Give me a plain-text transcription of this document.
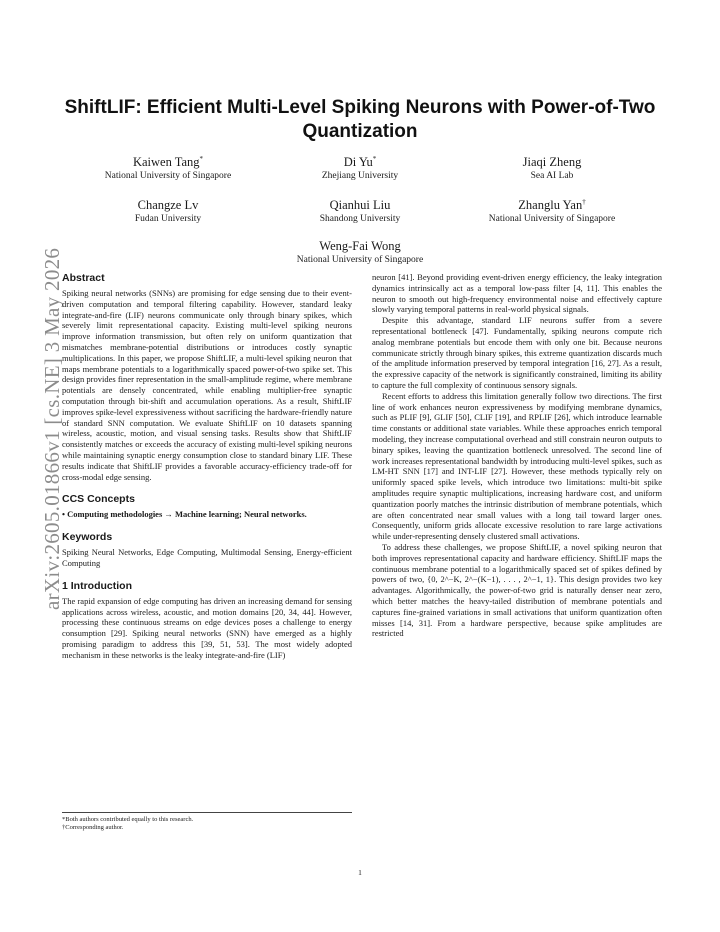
arXiv:2605.01866v1 [cs.NE] 3 May 2026
ShiftLIF: Efficient Multi-Level Spiking Neurons with Power-of-Two Quantization
Kaiwen Tang*
National University of Singapore
Di Yu*
Zhejiang University
Jiaqi Zheng
Sea AI Lab
Changze Lv
Fudan University
Qianhui Liu
Shandong University
Zhanglu Yan†
National University of Singapore
Weng-Fai Wong
National University of Singapore
Abstract

Spiking neural networks (SNNs) are promising for edge sensing due to their event-driven computation and temporal filtering capability. However, standard leaky integrate-and-fire (LIF) neurons communicate only through binary spikes, which severely limit representational capacity. Existing multi-level spiking neurons improve information transmission, but often rely on uniform quantization that mismatches membrane-potential distributions or introduces costly synaptic multiplications. In this paper, we propose ShiftLIF, a multi-level spiking neuron that maps membrane potentials to a logarithmically spaced power-of-two spike set. This design provides finer representation in the small-amplitude regime, where membrane potentials are densely concentrated, while enabling multiplier-free synaptic computation through bit-shift and accumulation operations. As a result, ShiftLIF improves spike-level expressiveness without sacrificing the hardware-friendly nature of standard SNN computation. We evaluate ShiftLIF on 10 datasets spanning wireless, acoustic, motion, and visual sensing tasks. Results show that ShiftLIF consistently matches or exceeds the accuracy of existing multi-level spiking neurons while maintaining synaptic energy consumption close to standard binary LIF. These results indicate that ShiftLIF provides a favorable accuracy-efficiency trade-off for cross-modal edge sensing.

CCS Concepts

• Computing methodologies → Machine learning; Neural networks.

Keywords

Spiking Neural Networks, Edge Computing, Multimodal Sensing, Energy-efficient Computing

1 Introduction

The rapid expansion of edge computing has driven an increasing demand for sensing applications across wireless, acoustic, and motion domains [20, 34, 44]. However, processing these continuous streams on edge devices poses a challenge to energy consumption [29]. Spiking neural networks (SNN) have emerged as a highly promising paradigm to address this [39, 51, 53]. The most widely adopted mechanism in these networks is the leaky integrate-and-fire (LIF)

neuron [41]. Beyond providing event-driven energy efficiency, the leaky integration dynamics intrinsically act as a temporal low-pass filter [4, 11]. This enables the neuron to smooth out high-frequency environmental noise and effectively capture slowly varying temporal patterns in real-world physical signals.

Despite this advantage, standard LIF neurons suffer from a severe representational bottleneck [47]. Fundamentally, spiking neurons compute rich analog membrane potentials but encode them with only one bit. Because neurons communicate strictly through binary spikes, this extreme quantization discards much of the amplitude information preserved by temporal integration [16, 27]. As a result, the expressive capacity of the network is significantly constrained, limiting its ability to capture the full complexity of continuous sensory signals.

Recent efforts to address this limitation generally follow two directions. The first line of work enhances neuron expressiveness by modifying membrane dynamics, such as PLIF [9], GLIF [50], CLIF [19], and RPLIF [26], which introduce learnable time constants or additional state variables. While these approaches enrich temporal modeling, they increase computational overhead and still constrain neuron outputs to binary spikes, leaving the quantization bottleneck unresolved. The second line of work increases representational bandwidth by introducing multi-level spikes, such as LM-HT SNN [17] and INT-LIF [27]. However, these methods typically rely on uniformly spaced spike levels, which introduce two limitations: multi-bit spike amplitudes require synaptic multiplications, increasing hardware cost, and uniform quantization poorly matches the intrinsic distribution of membrane potentials, which are often concentrated near small values with a long tail toward larger ones. Consequently, uniform grids allocate excessive resolution to rare large activations while under-representing densely clustered small activations.

To address these challenges, we propose ShiftLIF, a novel spiking neuron that both improves representational capacity and hardware efficiency. ShiftLIF maps the continuous membrane potential to a logarithmically spaced set of spikes defined by powers of two, {0, 2^−K, 2^−(K−1), . . . , 2^−1, 1}. This design provides two key advantages. Algorithmically, the power-of-two grid is naturally denser near zero, which better matches the heavy-tailed distribution of membrane potentials and captures fine-grained variations in small activations that uniform quantization often misses [14, 31]. From a hardware perspective, because spike amplitudes are restricted

*Both authors contributed equally to this research.
†Corresponding author.
1
